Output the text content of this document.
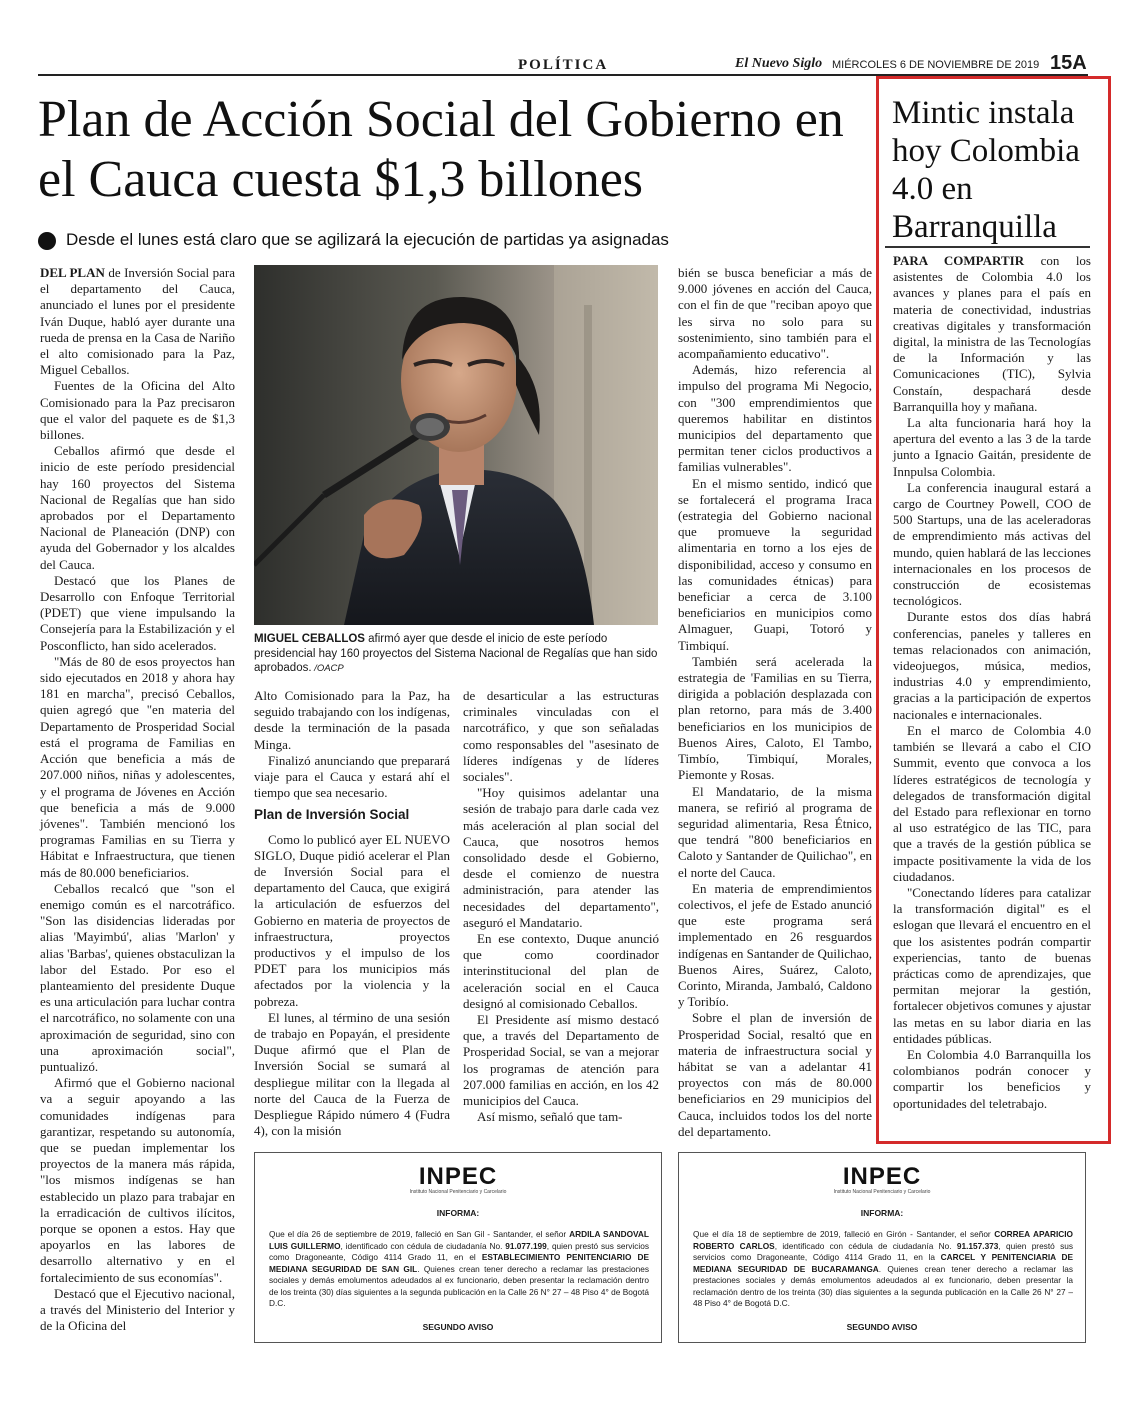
POLÍTICA	El Nuevo Siglo MIÉRCOLES 6 DE NOVIEMBRE DE 2019 15A
Plan de Acción Social del Gobierno en el Cauca cuesta $1,3 billones
Desde el lunes está claro que se agilizará la ejecución de partidas ya asignadas

DEL PLAN de Inversión Social para el departamento del Cauca, anunciado el lunes por el presidente Iván Duque, habló ayer durante una rueda de prensa en la Casa de Nariño el alto comisionado para la Paz, Miguel Ceballos.

Fuentes de la Oficina del Alto Comisionado para la Paz precisaron que el valor del paquete es de $1,3 billones.

Ceballos afirmó que desde el inicio de este período presidencial hay 160 proyectos del Sistema Nacional de Regalías que han sido aprobados por el Departamento Nacional de Planeación (DNP) con ayuda del Gobernador y los alcaldes del Cauca.

Destacó que los Planes de Desarrollo con Enfoque Territorial (PDET) que viene impulsando la Consejería para la Estabilización y el Posconflicto, han sido acelerados.

"Más de 80 de esos proyectos han sido ejecutados en 2018 y ahora hay 181 en marcha", precisó Ceballos, quien agregó que "en materia del Departamento de Prosperidad Social está el programa de Familias en Acción que beneficia a más de 207.000 niños, niñas y adolescentes, y el programa de Jóvenes en Acción que beneficia a más de 9.000 jóvenes". También mencionó los programas Familias en su Tierra y Hábitat e Infraestructura, que tienen más de 80.000 beneficiarios.

Ceballos recalcó que "son el enemigo común es el narcotráfico. "Son las disidencias lideradas por alias 'Mayimbú', alias 'Marlon' y alias 'Barbas', quienes obstaculizan la labor del Estado. Por eso el planteamiento del presidente Duque es una articulación para luchar contra el narcotráfico, no solamente con una aproximación de seguridad, sino con una aproximación social", puntualizó.

Afirmó que el Gobierno nacional va a seguir apoyando a las comunidades indígenas para garantizar, respetando su autonomía, que se puedan implementar los proyectos de la manera más rápida, "los mismos indígenas se han establecido un plazo para trabajar en la erradicación de cultivos ilícitos, porque se oponen a estos. Hay que apoyarlos en las labores de desarrollo alternativo y en el fortalecimiento de sus economías".

Destacó que el Ejecutivo nacional, a través del Ministerio del Interior y de la Oficina del

MIGUEL CEBALLOS afirmó ayer que desde el inicio de este período presidencial hay 160 proyectos del Sistema Nacional de Regalías que han sido aprobados. /OACP

Alto Comisionado para la Paz, ha seguido trabajando con los indígenas, desde la terminación de la pasada Minga.

Finalizó anunciando que preparará viaje para el Cauca y estará ahí el tiempo que sea necesario.

Plan de Inversión Social

Como lo publicó ayer EL NUEVO SIGLO, Duque pidió acelerar el Plan de Inversión Social para el departamento del Cauca, que exigirá la articulación de esfuerzos del Gobierno en materia de proyectos de infraestructura, proyectos productivos y el impulso de los PDET para los municipios más afectados por la violencia y la pobreza.

El lunes, al término de una sesión de trabajo en Popayán, el presidente Duque afirmó que el Plan de Inversión Social se sumará al despliegue militar con la llegada al norte del Cauca de la Fuerza de Despliegue Rápido número 4 (Fudra 4), con la misión

de desarticular a las estructuras criminales vinculadas con el narcotráfico, y que son señaladas como responsables del "asesinato de líderes indígenas y de líderes sociales".

"Hoy quisimos adelantar una sesión de trabajo para darle cada vez más aceleración al plan social del Cauca, que nosotros hemos consolidado desde el Gobierno, desde el comienzo de nuestra administración, para atender las necesidades del departamento", aseguró el Mandatario.

En ese contexto, Duque anunció que como coordinador interinstitucional del plan de aceleración social en el Cauca designó al comisionado Ceballos.

El Presidente así mismo destacó que, a través del Departamento de Prosperidad Social, se van a mejorar los programas de atención para 207.000 familias en acción, en los 42 municipios del Cauca.

Así mismo, señaló que tam-

bién se busca beneficiar a más de 9.000 jóvenes en acción del Cauca, con el fin de que "reciban apoyo que les sirva no solo para su sostenimiento, sino también para el acompañamiento educativo".

Además, hizo referencia al impulso del programa Mi Negocio, con "300 emprendimientos que queremos habilitar en distintos municipios del departamento que permitan tener ciclos productivos a familias vulnerables".

En el mismo sentido, indicó que se fortalecerá el programa Iraca (estrategia del Gobierno nacional que promueve la seguridad alimentaria en torno a los ejes de disponibilidad, acceso y consumo en las comunidades étnicas) para beneficiar a cerca de 3.100 beneficiarios en municipios como Almaguer, Guapi, Totoró y Timbiquí.

También será acelerada la estrategia de 'Familias en su Tierra, dirigida a población desplazada con plan retorno, para más de 3.400 beneficiarios en los municipios de Buenos Aires, Caloto, El Tambo, Timbío, Timbiquí, Morales, Piemonte y Rosas.

El Mandatario, de la misma manera, se refirió al programa de seguridad alimentaria, Resa Étnico, que tendrá "800 beneficiarios en Caloto y Santander de Quilichao", en el norte del Cauca.

En materia de emprendimientos colectivos, el jefe de Estado anunció que este programa será implementado en 26 resguardos indígenas en Santander de Quilichao, Buenos Aires, Suárez, Caloto, Corinto, Miranda, Jambaló, Caldono y Toribío.

Sobre el plan de inversión de Prosperidad Social, resaltó que en materia de infraestructura social y hábitat se van a adelantar 41 proyectos con más de 80.000 beneficiarios en 29 municipios del Cauca, incluidos todos los del norte del departamento.

Mintic instala hoy Colombia 4.0 en Barranquilla

PARA COMPARTIR con los asistentes de Colombia 4.0 los avances y planes para el país en materia de conectividad, industrias creativas digitales y transformación digital, la ministra de las Tecnologías de la Información y las Comunicaciones (TIC), Sylvia Constaín, despachará desde Barranquilla hoy y mañana.

La alta funcionaria hará hoy la apertura del evento a las 3 de la tarde junto a Ignacio Gaitán, presidente de Innpulsa Colombia.

La conferencia inaugural estará a cargo de Courtney Powell, COO de 500 Startups, una de las aceleradoras de emprendimiento más activas del mundo, quien hablará de las lecciones internacionales en los procesos de construcción de ecosistemas tecnológicos.

Durante estos dos días habrá conferencias, paneles y talleres en temas relacionados con animación, videojuegos, música, medios, industrias 4.0 y emprendimiento, gracias a la participación de expertos nacionales e internacionales.

En el marco de Colombia 4.0 también se llevará a cabo el CIO Summit, evento que convoca a los líderes estratégicos de tecnología y delegados de transformación digital del Estado para reflexionar en torno al uso estratégico de las TIC, para que a través de la gestión pública se impacte positivamente la vida de los ciudadanos.

"Conectando líderes para catalizar la transformación digital" es el eslogan que llevará el encuentro en el que los asistentes podrán compartir experiencias, tanto de buenas prácticas como de aprendizajes, que permitan mejorar la gestión, fortalecer objetivos comunes y ajustar las metas en su labor diaria en las entidades públicas.

En Colombia 4.0 Barranquilla los colombianos podrán conocer y compartir los beneficios y oportunidades del teletrabajo.

INPEC
Instituto Nacional Penitenciario y Carcelario
INFORMA:
Que el día 26 de septiembre de 2019, falleció en San Gil - Santander, el señor ARDILA SANDOVAL LUIS GUILLERMO, identificado con cédula de ciudadanía No. 91.077.199, quien prestó sus servicios como Dragoneante, Código 4114 Grado 11, en el ESTABLECIMIENTO PENITENCIARIO DE MEDIANA SEGURIDAD DE SAN GIL. Quienes crean tener derecho a reclamar las prestaciones sociales y demás emolumentos adeudados al ex funcionario, deben presentar la reclamación dentro de los treinta (30) días siguientes a la segunda publicación en la Calle 26 N° 27 – 48 Piso 4° de Bogotá D.C.
SEGUNDO AVISO
INPEC
Instituto Nacional Penitenciario y Carcelario
INFORMA:
Que el día 18 de septiembre de 2019, falleció en Girón - Santander, el señor CORREA APARICIO ROBERTO CARLOS, identificado con cédula de ciudadanía No. 91.157.373, quien prestó sus servicios como Dragoneante, Código 4114 Grado 11, en la CARCEL Y PENITENCIARIA DE MEDIANA SEGURIDAD DE BUCARAMANGA. Quienes crean tener derecho a reclamar las prestaciones sociales y demás emolumentos adeudados al ex funcionario, deben presentar la reclamación dentro de los treinta (30) días siguientes a la segunda publicación en la Calle 26 N° 27 – 48 Piso 4° de Bogotá D.C.
SEGUNDO AVISO
